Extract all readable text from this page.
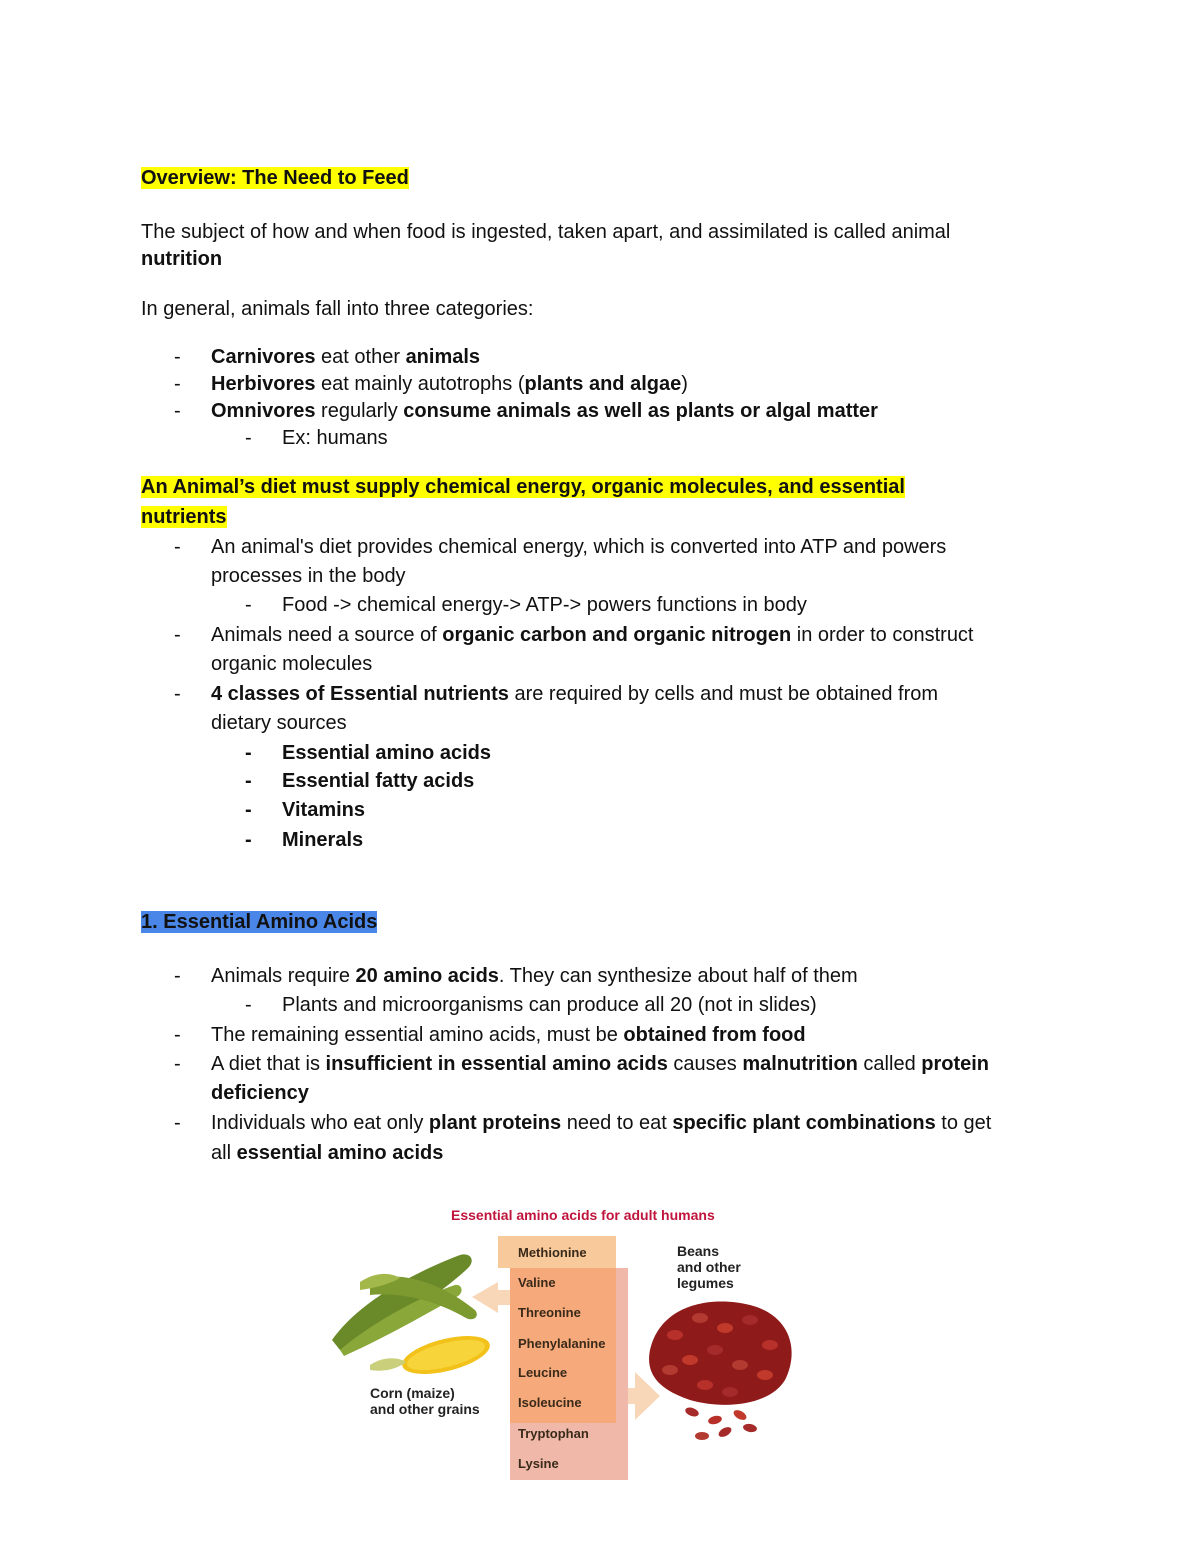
Overview: The Need to Feed
The subject of how and when food is ingested, taken apart, and assimilated is called animal
nutrition
In general, animals fall into three categories:
- Carnivores eat other animals
- Herbivores eat mainly autotrophs (plants and algae)
- Omnivores regularly consume animals as well as plants or algal matter
- Ex: humans
An Animal’s diet must supply chemical energy, organic molecules, and essential
nutrients
- An animal's diet provides chemical energy, which is converted into ATP and powers
processes in the body
- Food -> chemical energy-> ATP-> powers functions in body
- Animals need a source of organic carbon and organic nitrogen in order to construct
organic molecules
- 4 classes of Essential nutrients are required by cells and must be obtained from
dietary sources
- Essential amino acids
- Essential fatty acids
- Vitamins
- Minerals
1. Essential Amino Acids
- Animals require 20 amino acids. They can synthesize about half of them
- Plants and microorganisms can produce all 20 (not in slides)
- The remaining essential amino acids, must be obtained from food
- A diet that is insufficient in essential amino acids causes malnutrition called protein
deficiency
- Individuals who eat only plant proteins need to eat specific plant combinations to get
all essential amino acids
Essential amino acids for adult humans
Methionine
Valine
Threonine
Phenylalanine
Leucine
Isoleucine
Tryptophan
Lysine
Corn (maize)
and other grains
Beans
and other
legumes
